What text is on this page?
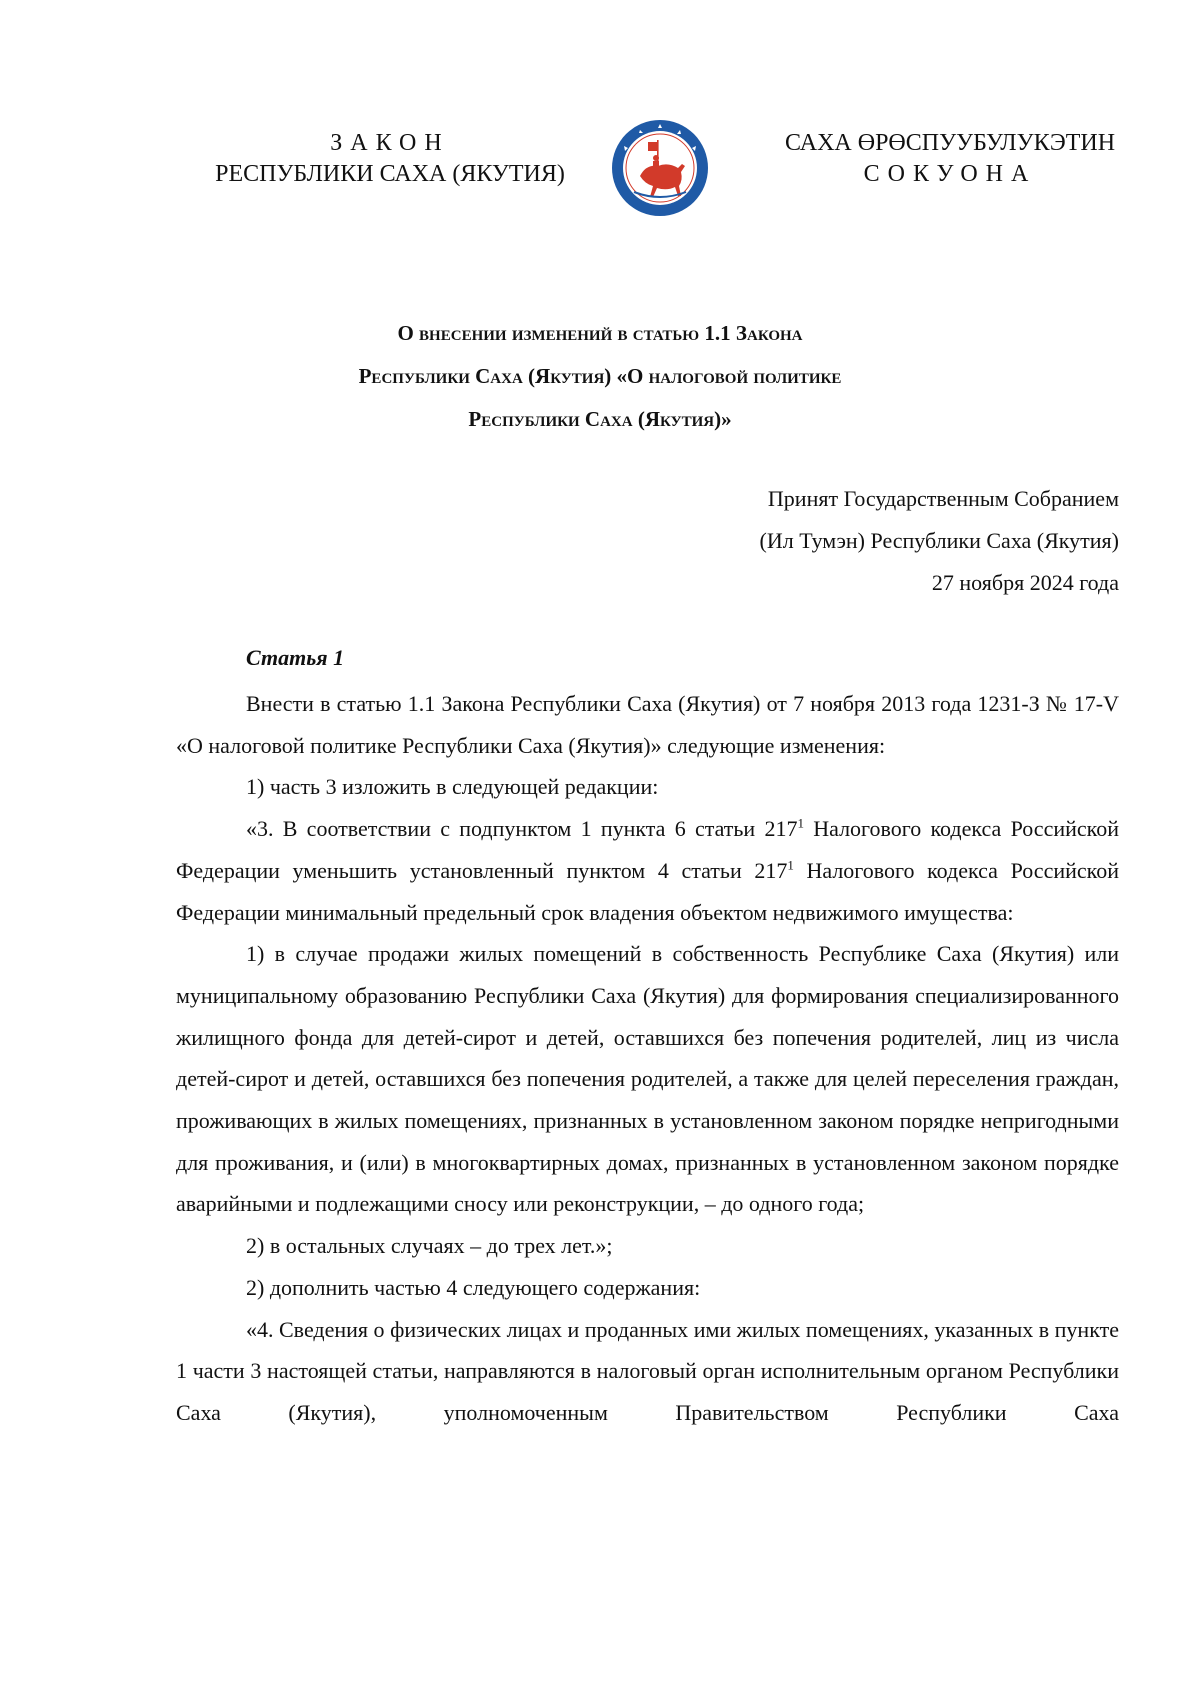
ЗАКОН
РЕСПУБЛИКИ САХА (ЯКУТИЯ)
САХА ӨРӨСПУУБУЛУКЭТИН
СОКУОНА
О внесении изменений в статью 1.1 Закона
Республики Саха (Якутия) «О налоговой политике
Республики Саха (Якутия)»
Принят Государственным Собранием
(Ил Тумэн) Республики Саха (Якутия)
27 ноября 2024 года
Статья 1

Внести в статью 1.1 Закона Республики Саха (Якутия) от 7 ноября 2013 года 1231-З № 17-V «О налоговой политике Республики Саха (Якутия)» следующие изменения:

1) часть 3 изложить в следующей редакции:

«3. В соответствии с подпунктом 1 пункта 6 статьи $217^1$ Налогового кодекса Российской Федерации уменьшить установленный пунктом 4 статьи $217^1$ Налогового кодекса Российской Федерации минимальный предельный срок владения объектом недвижимого имущества:

1) в случае продажи жилых помещений в собственность Республике Саха (Якутия) или муниципальному образованию Республики Саха (Якутия) для формирования специализированного жилищного фонда для детей-сирот и детей, оставшихся без попечения родителей, лиц из числа детей-сирот и детей, оставшихся без попечения родителей, а также для целей переселения граждан, проживающих в жилых помещениях, признанных в установленном законом порядке непригодными для проживания, и (или) в многоквартирных домах, признанных в установленном законом порядке аварийными и подлежащими сносу или реконструкции, – до одного года;

2) в остальных случаях – до трех лет.»;

2) дополнить частью 4 следующего содержания:

«4. Сведения о физических лицах и проданных ими жилых помещениях, указанных в пункте 1 части 3 настоящей статьи, направляются в налоговый орган исполнительным органом Республики Саха (Якутия), уполномоченным Правительством Республики Саха
